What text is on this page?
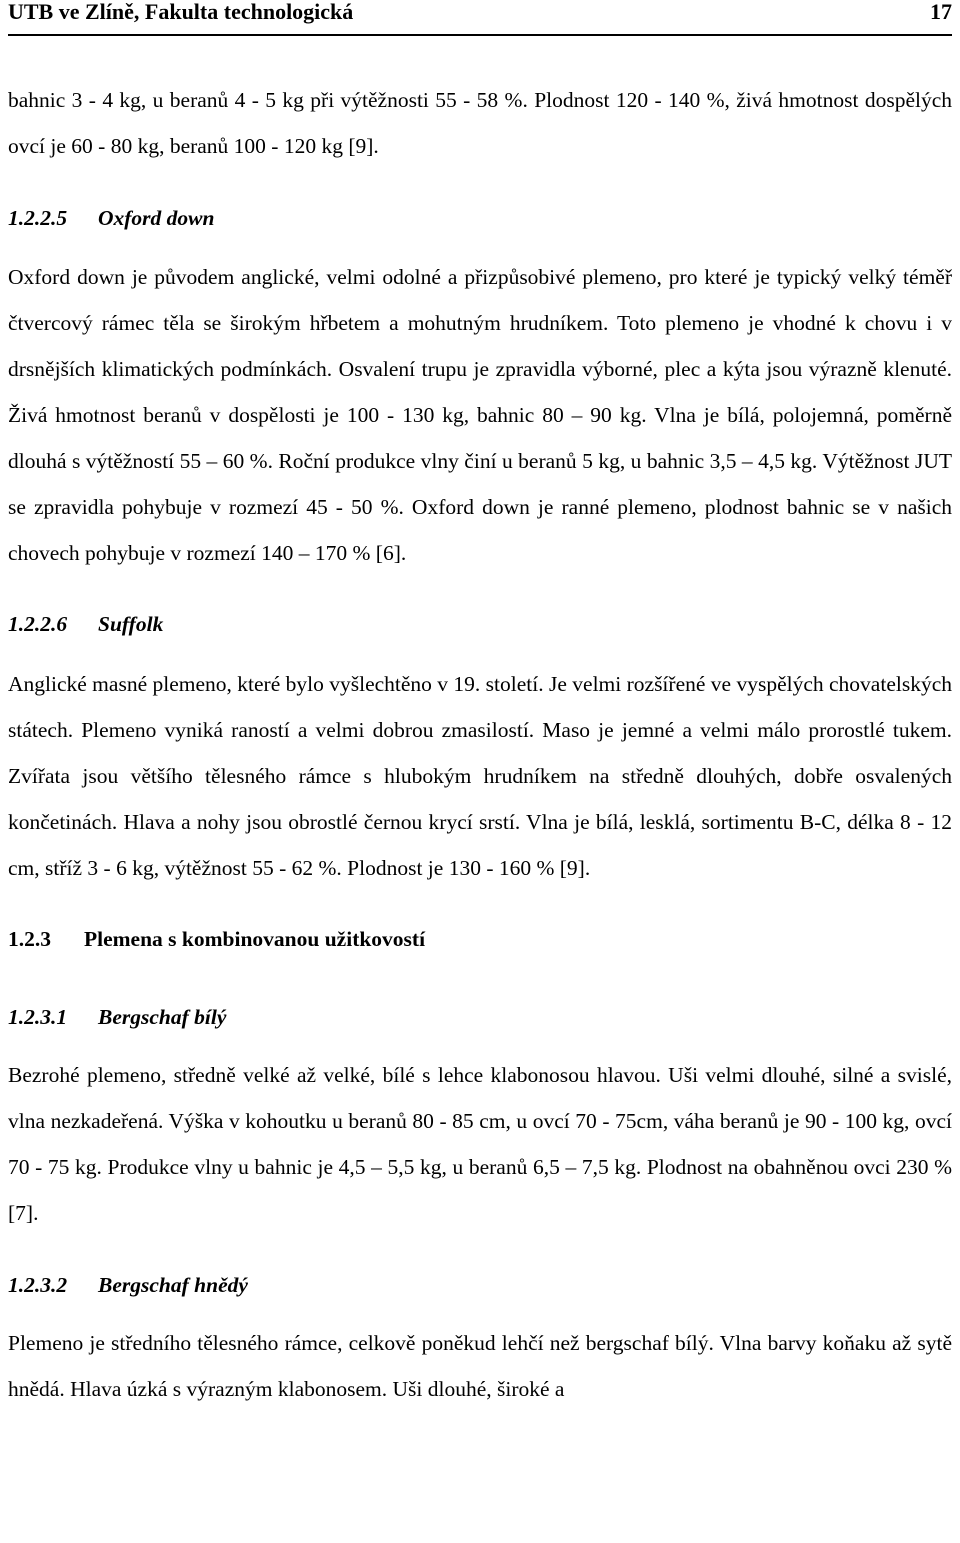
UTB ve Zlíně, Fakulta technologická	17

bahnic 3 - 4 kg, u beranů 4 - 5 kg při výtěžnosti 55 - 58 %. Plodnost 120 - 140 %, živá hmotnost dospělých ovcí je 60 - 80 kg, beranů 100 - 120 kg [9].

1.2.2.5 Oxford down

Oxford down je původem anglické, velmi odolné a přizpůsobivé plemeno, pro které je typický velký téměř čtvercový rámec těla se širokým hřbetem a mohutným hrudníkem. Toto plemeno je vhodné k chovu i v drsnějších klimatických podmínkách. Osvalení trupu je zpravidla výborné, plec a kýta jsou výrazně klenuté. Živá hmotnost beranů v dospělosti je 100 - 130 kg, bahnic 80 – 90 kg. Vlna je bílá, polojemná, poměrně dlouhá s výtěžností 55 – 60 %. Roční produkce vlny činí u beranů 5 kg, u bahnic 3,5 – 4,5 kg. Výtěžnost JUT se zpravidla pohybuje v rozmezí 45 - 50 %. Oxford down je ranné plemeno, plodnost bahnic se v našich chovech pohybuje v rozmezí 140 – 170 % [6].

1.2.2.6 Suffolk

Anglické masné plemeno, které bylo vyšlechtěno v 19. století. Je velmi rozšířené ve vyspělých chovatelských státech. Plemeno vyniká raností a velmi dobrou zmasilostí. Maso je jemné a velmi málo prorostlé tukem. Zvířata jsou většího tělesného rámce s hlubokým hrudníkem na středně dlouhých, dobře osvalených končetinách. Hlava a nohy jsou obrostlé černou krycí srstí. Vlna je bílá, lesklá, sortimentu B-C, délka 8 - 12 cm, stříž 3 - 6 kg, výtěžnost 55 - 62 %. Plodnost je 130 - 160 % [9].

1.2.3 Plemena s kombinovanou užitkovostí
1.2.3.1 Bergschaf bílý

Bezrohé plemeno, středně velké až velké, bílé s lehce klabonosou hlavou. Uši velmi dlouhé, silné a svislé, vlna nezkadeřená. Výška v kohoutku u beranů 80 - 85 cm, u ovcí 70 - 75cm, váha beranů je 90 - 100 kg, ovcí 70 - 75 kg. Produkce vlny u bahnic je 4,5 – 5,5 kg, u beranů 6,5 – 7,5 kg. Plodnost na obahněnou ovci 230 % [7].

1.2.3.2 Bergschaf hnědý

Plemeno je středního tělesného rámce, celkově poněkud lehčí než bergschaf bílý. Vlna barvy koňaku až sytě hnědá. Hlava úzká s výrazným klabonosem. Uši dlouhé, široké a
